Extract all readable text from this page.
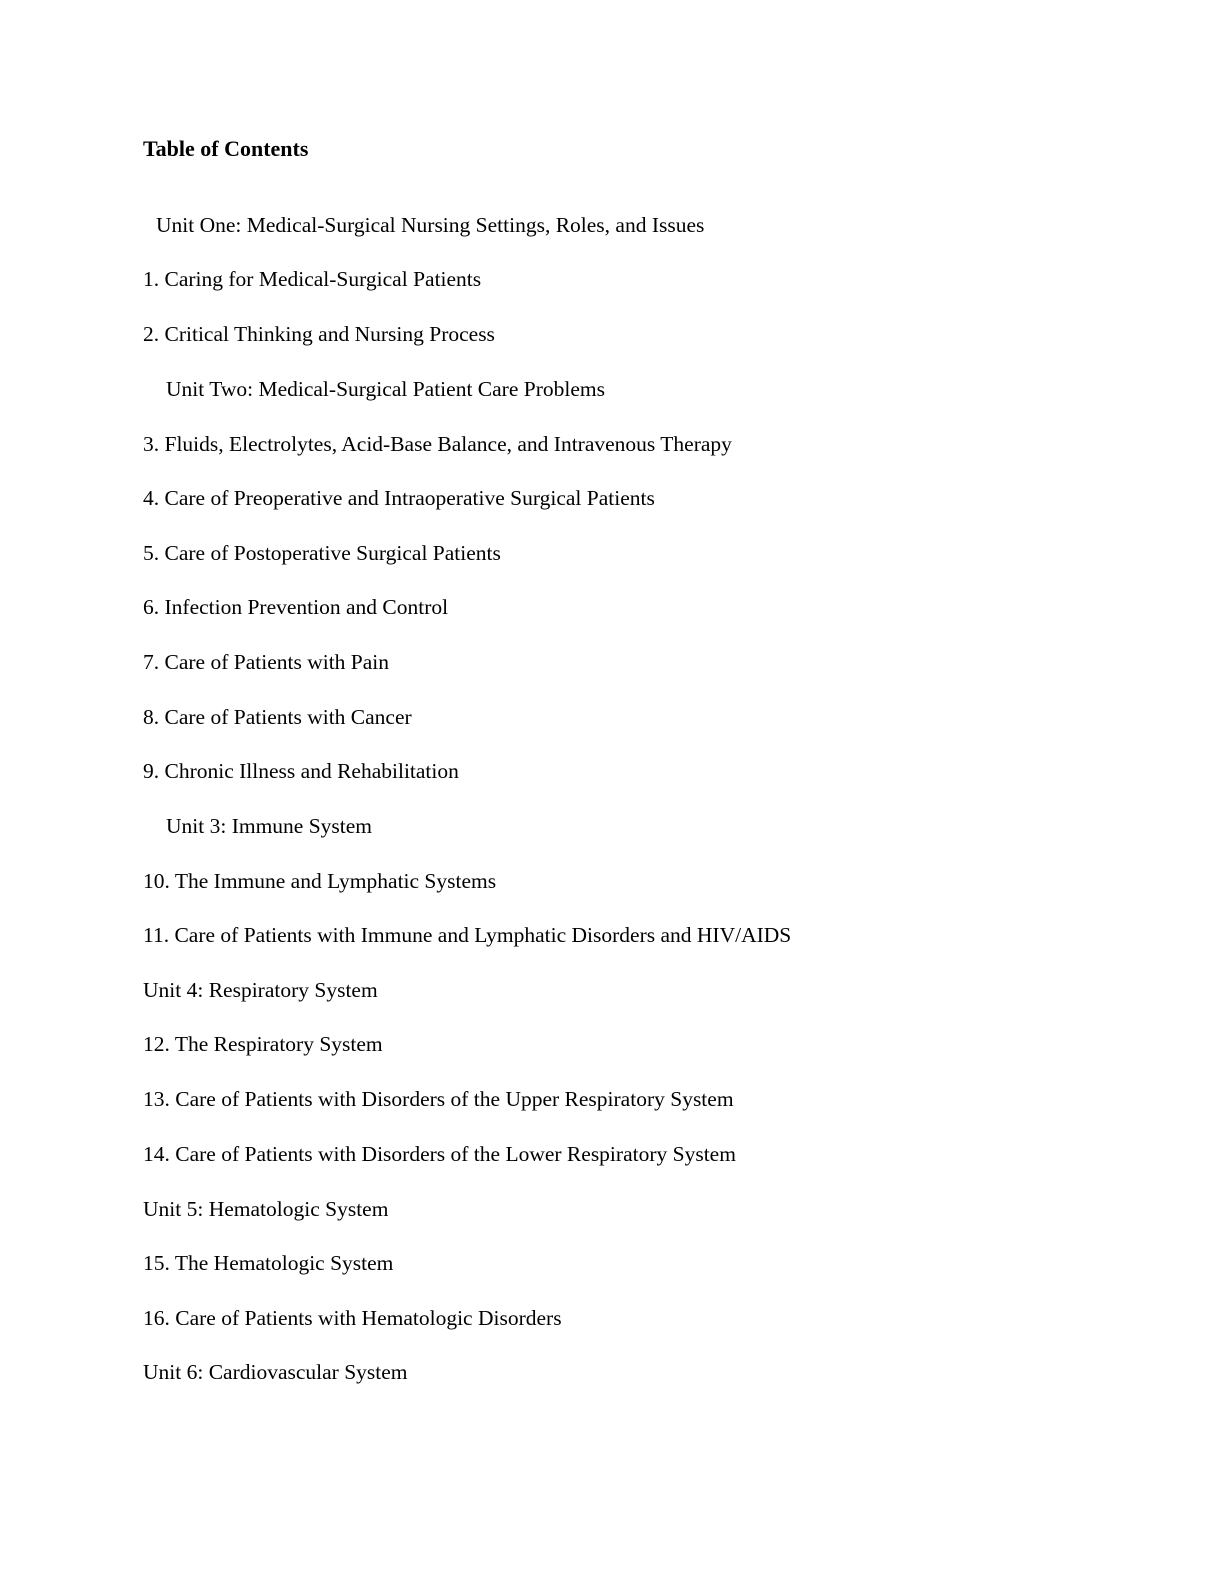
Table of Contents
Unit One: Medical-Surgical Nursing Settings, Roles, and Issues
1. Caring for Medical-Surgical Patients
2. Critical Thinking and Nursing Process
Unit Two: Medical-Surgical Patient Care Problems
3. Fluids, Electrolytes, Acid-Base Balance, and Intravenous Therapy
4. Care of Preoperative and Intraoperative Surgical Patients
5. Care of Postoperative Surgical Patients
6. Infection Prevention and Control
7. Care of Patients with Pain
8. Care of Patients with Cancer
9. Chronic Illness and Rehabilitation
Unit 3: Immune System
10. The Immune and Lymphatic Systems
11. Care of Patients with Immune and Lymphatic Disorders and HIV/AIDS
Unit 4: Respiratory System
12. The Respiratory System
13. Care of Patients with Disorders of the Upper Respiratory System
14. Care of Patients with Disorders of the Lower Respiratory System
Unit 5: Hematologic System
15. The Hematologic System
16. Care of Patients with Hematologic Disorders
Unit 6: Cardiovascular System
